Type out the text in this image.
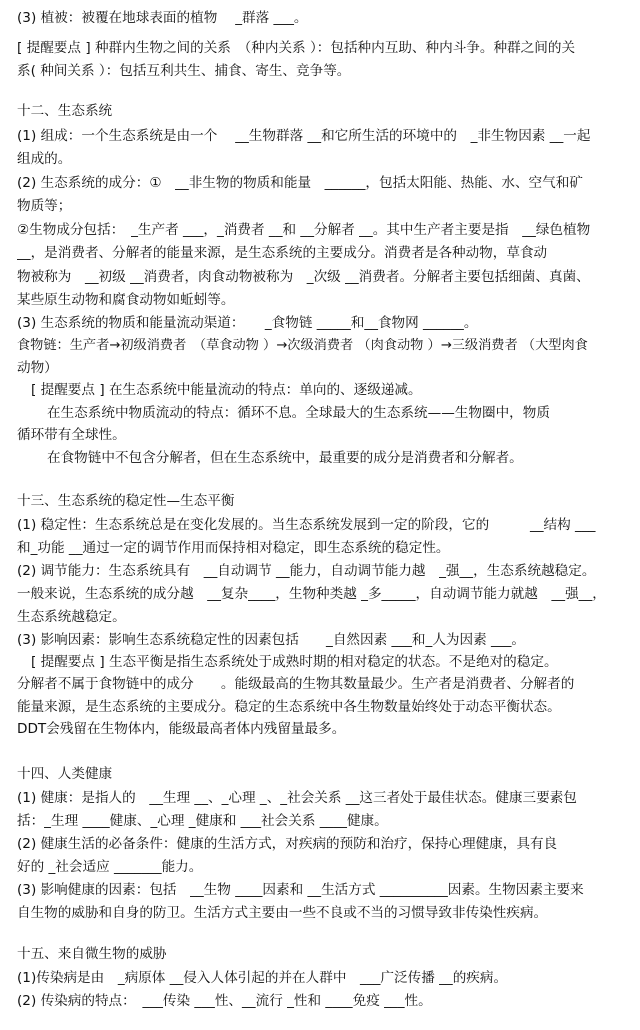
(3) 植被：被覆在地球表面的植物　 _群落 ___。
[ 提醒要点 ] 种群内生物之间的关系　（种内关系 ）：包括种内互助、种内斗争。种群之间的关
系( 种间关系 ）：包括互利共生、捕食、寄生、竞争等。
十二、生态系统
(1) 组成：一个生态系统是由一个　 __生物群落 __和它所生活的环境中的　_非生物因素 __一起
组成的。
(2) 生态系统的成分：①　__非生物的物质和能量　______，包括太阳能、热能、水、空气和矿
物质等；
②生物成分包括：　_生产者 ___，_消费者 __和 __分解者 __。其中生产者主要是指　__绿色植物
__，是消费者、分解者的能量来源，是生态系统的主要成分。消费者是各种动物，草食动
物被称为　__初级 __消费者，肉食动物被称为　_次级 __消费者。分解者主要包括细菌、真菌、
某些原生动物和腐食动物如蚯蚓等。
(3) 生态系统的物质和能量流动渠道：　　_食物链 _____和__食物网 ______。
食物链：生产者→初级消费者　（草食动物 ）→次级消费者 （肉食动物 ）→三级消费者 （大型肉食
动物）
[ 提醒要点 ] 在生态系统中能量流动的特点：单向的、逐级递减。
在生态系统中物质流动的特点：循环不息。全球最大的生态系统——生物圈中，物质
循环带有全球性。
在食物链中不包含分解者，但在生态系统中，最重要的成分是消费者和分解者。
十三、生态系统的稳定性—生态平衡
(1) 稳定性：生态系统总是在变化发展的。当生态系统发展到一定的阶段，它的　　　__结构 ___
和_功能 __通过一定的调节作用而保持相对稳定，即生态系统的稳定性。
(2) 调节能力：生态系统具有　__自动调节 __能力，自动调节能力越　_强__，生态系统越稳定。
一般来说，生态系统的成分越　__复杂____，生物种类越 _多_____，自动调节能力就越　__强__，
生态系统越稳定。
(3) 影响因素：影响生态系统稳定性的因素包括　　_自然因素 ___和_人为因素 ___。
[ 提醒要点 ] 生态平衡是指生态系统处于成熟时期的相对稳定的状态。不是绝对的稳定。
分解者不属于食物链中的成分　　。能级最高的生物其数量最少。生产者是消费者、分解者的
能量来源，是生态系统的主要成分。稳定的生态系统中各生物数量始终处于动态平衡状态。
DDT会残留在生物体内，能级最高者体内残留量最多。
十四、人类健康
(1) 健康：是指人的　__生理 __、_心理 _、_社会关系 __这三者处于最佳状态。健康三要素包
括：_生理 ____健康、_心理 _健康和 ___社会关系 ____健康。
(2) 健康生活的必备条件：健康的生活方式，对疾病的预防和治疗，保持心理健康，具有良
好的 _社会适应 _______能力。
(3) 影响健康的因素：包括　__生物 ____因素和 __生活方式 __________因素。生物因素主要来
自生物的威胁和自身的防卫。生活方式主要由一些不良或不当的习惯导致非传染性疾病。
十五、来自微生物的威胁
(1)传染病是由　_病原体 __侵入人体引起的并在人群中　___广泛传播 __的疾病。
(2) 传染病的特点：　___传染 ___性、__流行 _性和 ____免疫 ___性。
